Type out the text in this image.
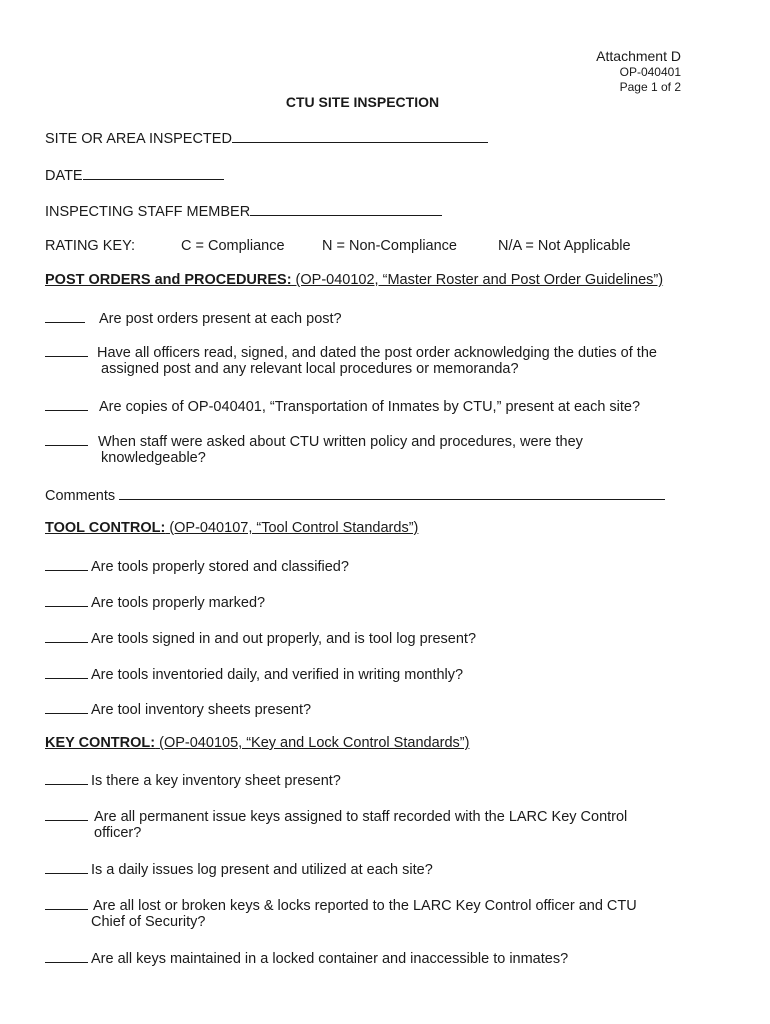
Attachment D
OP-040401
Page 1 of 2
CTU SITE INSPECTION
SITE OR AREA INSPECTED
DATE
INSPECTING STAFF MEMBER
RATING KEY:	C = Compliance	N = Non-Compliance	N/A = Not Applicable
POST ORDERS and PROCEDURES: (OP-040102, “Master Roster and Post Order Guidelines”)
Are post orders present at each post?
Have all officers read, signed, and dated the post order acknowledging the duties of the
assigned post and any relevant local procedures or memoranda?
Are copies of OP-040401, “Transportation of Inmates by CTU,” present at each site?
When staff were asked about CTU written policy and procedures, were they
knowledgeable?
Comments
TOOL CONTROL: (OP-040107, “Tool Control Standards”)
Are tools properly stored and classified?
Are tools properly marked?
Are tools signed in and out properly, and is tool log present?
Are tools inventoried daily, and verified in writing monthly?
Are tool inventory sheets present?
KEY CONTROL: (OP-040105, “Key and Lock Control Standards”)
Is there a key inventory sheet present?
Are all permanent issue keys assigned to staff recorded with the LARC Key Control
officer?
Is a daily issues log present and utilized at each site?
Are all lost or broken keys & locks reported to the LARC Key Control officer and CTU
Chief of Security?
Are all keys maintained in a locked container and inaccessible to inmates?
